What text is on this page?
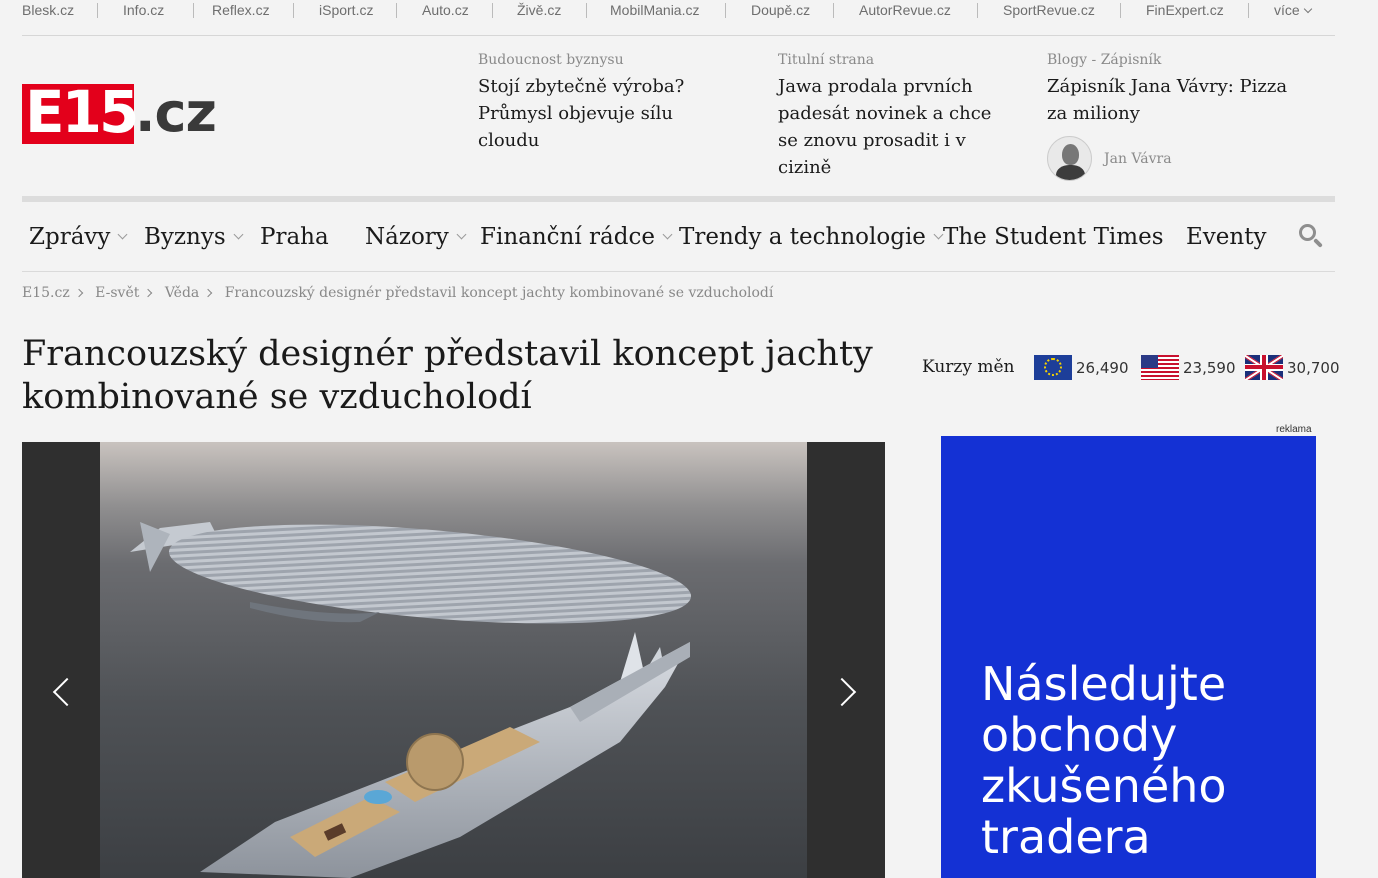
Blesk.cz	Info.cz	Reflex.cz	iSport.cz	Auto.cz	Živě.cz	MobilMania.cz	Doupě.cz	AutorRevue.cz	SportRevue.cz	FinExpert.cz	více
E15
.cz
Budoucnost byznysu
Stojí zbytečně výroba? Průmysl objevuje sílu cloudu
Titulní strana
Jawa prodala prvních padesát novinek a chce se znovu prosadit i v cizině
Blogy - Zápisník
Zápisník Jana Vávry: Pizza za miliony
Jan Vávra
Zprávy	Byznys	Praha Názory	Finanční rádce	Trendy a technologie The Student Times Eventy
E15.cz E-svět Věda Francouzský designér představil koncept jachty kombinované se vzducholodí
Francouzský designér představil koncept jachty kombinované se vzducholodí
Kurzy měn	26,490	23,590	30,700
reklama
Následujte
obchody
zkušeného
tradera
